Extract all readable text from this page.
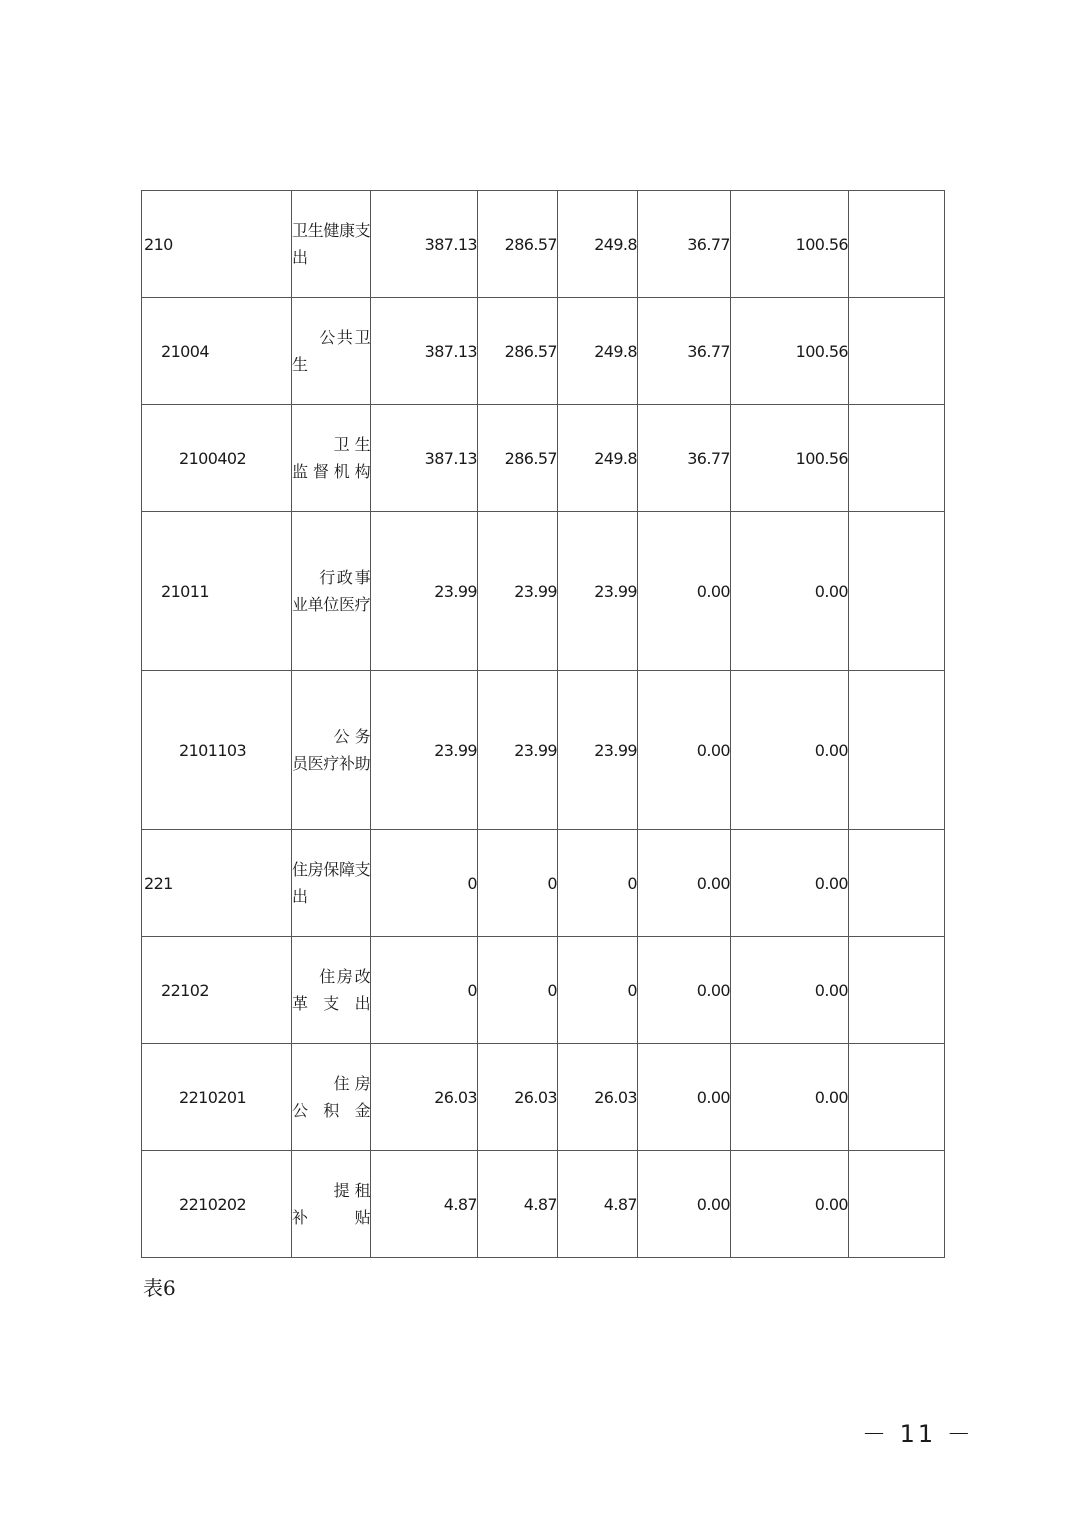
210	卫生健康支出	387.13	286.57	249.8	36.77	100.56	
21004	公共卫生	387.13	286.57	249.8	36.77	100.56	
2100402	卫生监督机构	387.13	286.57	249.8	36.77	100.56	
21011	行政事业单位医疗	23.99	23.99	23.99	0.00	0.00	
2101103	公务员医疗补助	23.99	23.99	23.99	0.00	0.00	
221	住房保障支出	0	0	0	0.00	0.00	
22102	住房改革支出	0	0	0	0.00	0.00	
2210201	住房公积金	26.03	26.03	26.03	0.00	0.00	
2210202	提租补贴	4.87	4.87	4.87	0.00	0.00	
表6
－ 11 －
